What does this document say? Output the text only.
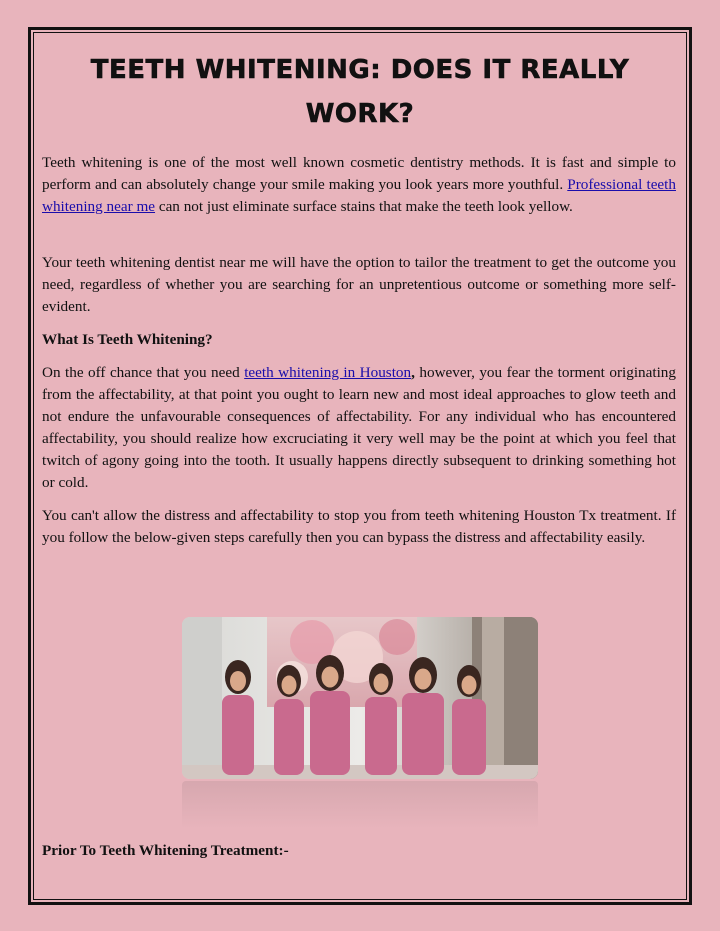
TEETH WHITENING: DOES IT REALLY WORK?

Teeth whitening is one of the most well known cosmetic dentistry methods. It is fast and simple to perform and can absolutely change your smile making you look years more youthful. Professional teeth whitening near me can not just eliminate surface stains that make the teeth look yellow.

Your teeth whitening dentist near me will have the option to tailor the treatment to get the outcome you need, regardless of whether you are searching for an unpretentious outcome or something more self-evident.

What Is Teeth Whitening?

On the off chance that you need teeth whitening in Houston, however, you fear the torment originating from the affectability, at that point you ought to learn new and most ideal approaches to glow teeth and not endure the unfavourable consequences of affectability. For any individual who has encountered affectability, you should realize how excruciating it very well may be the point at which you feel that twitch of agony going into the tooth. It usually happens directly subsequent to drinking something hot or cold.

You can't allow the distress and affectability to stop you from teeth whitening Houston Tx treatment. If you follow the below-given steps carefully then you can bypass the distress and affectability easily.

Prior To Teeth Whitening Treatment:-
